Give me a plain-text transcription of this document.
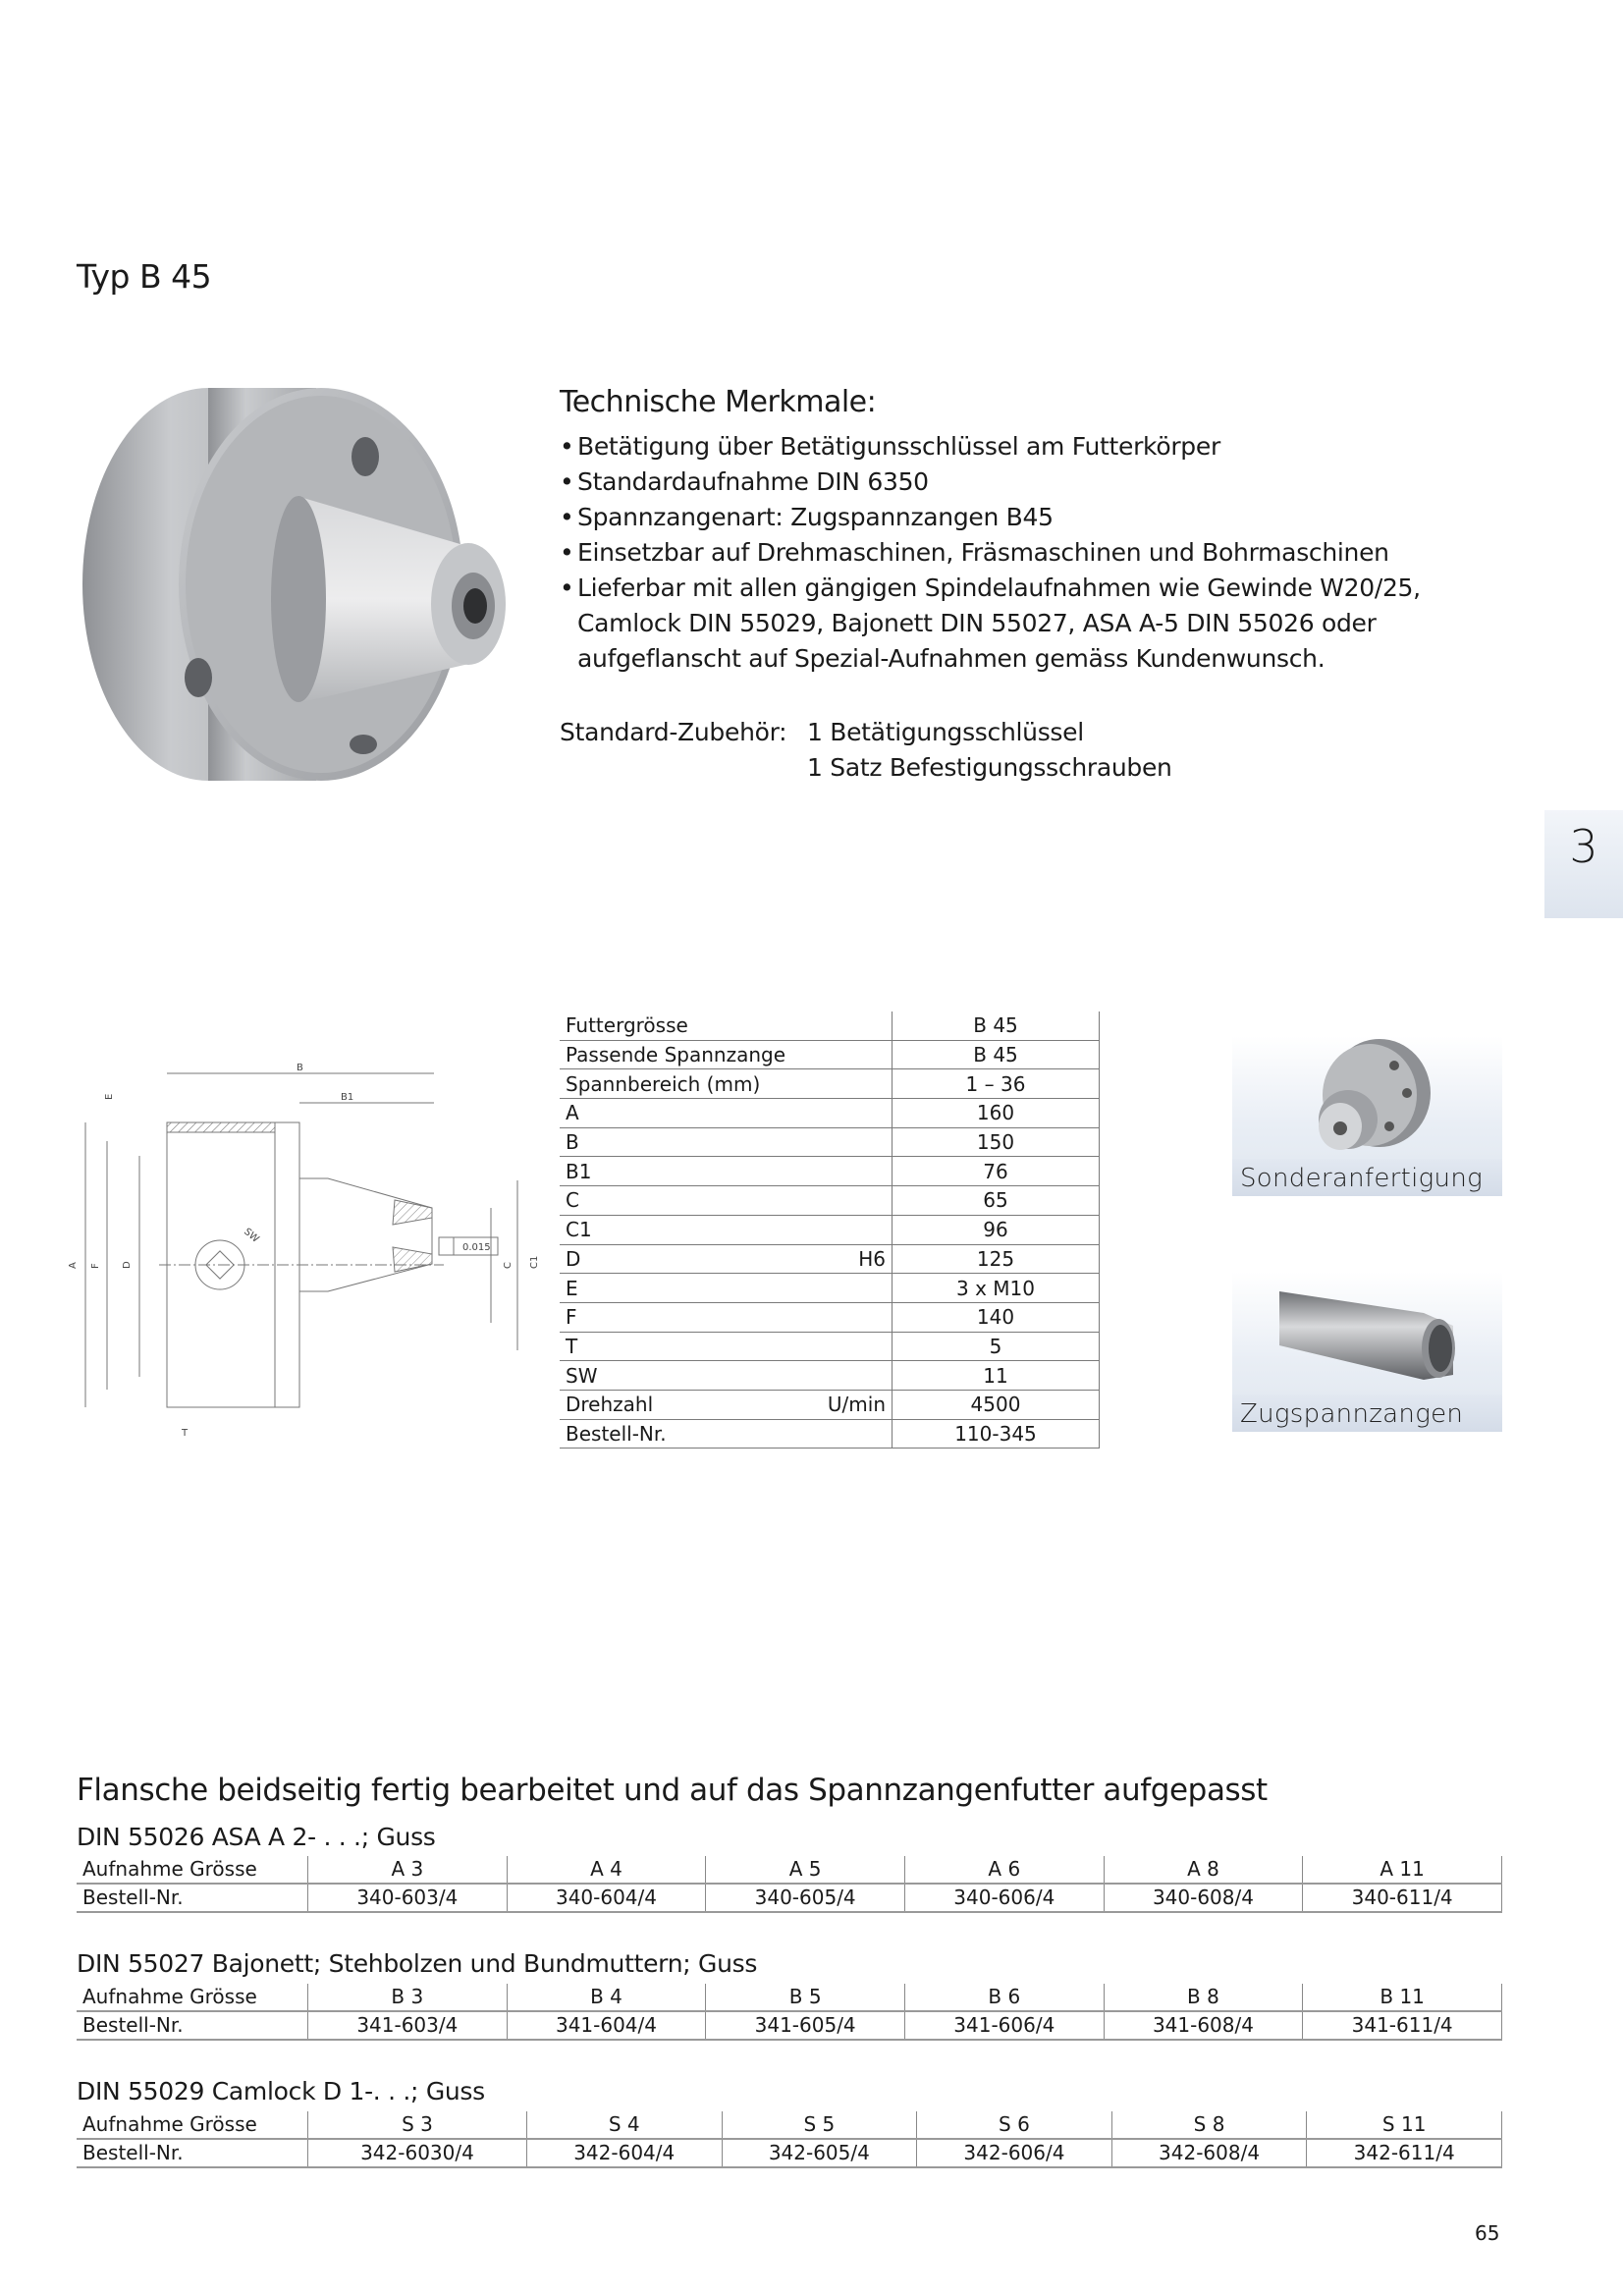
Typ B 45
Technische Merkmale:
• Betätigung über Betätigunsschlüssel am Futterkörper
• Standardaufnahme DIN 6350
• Spannzangenart: Zugspannzangen B45
• Einsetzbar auf Drehmaschinen, Fräsmaschinen und Bohrmaschinen
• Lieferbar mit allen gängigen Spindelaufnahmen wie Gewinde W20/25, Camlock DIN 55029, Bajonett DIN 55027, ASA A-5 DIN 55026 oder aufgeflanscht auf Spezial-Aufnahmen gemäss Kundenwunsch.
Standard-Zubehör: 1 Betätigungsschlüssel
1 Satz Befestigungsschrauben
3
B
B1
A F D
E
T
SW
0.015
C C1
Futtergrösse		B 45
Passende Spannzange		B 45
Spannbereich (mm)		1 – 36
A		160
B		150
B1		76
C		65
C1		96
D	H6	125
E		3 x M10
F		140
T		5
SW		11
Drehzahl	U/min	4500
Bestell-Nr.		110-345
Sonderanfertigung
Zugspannzangen
Flansche beidseitig fertig bearbeitet und auf das Spannzangenfutter aufgepasst
DIN 55026 ASA A 2- . . .; Guss
Aufnahme Grösse	A 3	A 4	A 5	A 6	A 8	A 11
Bestell-Nr.	340-603/4	340-604/4	340-605/4	340-606/4	340-608/4	340-611/4
DIN 55027 Bajonett; Stehbolzen und Bundmuttern; Guss
Aufnahme Grösse	B 3	B 4	B 5	B 6	B 8	B 11
Bestell-Nr.	341-603/4	341-604/4	341-605/4	341-606/4	341-608/4	341-611/4
DIN 55029 Camlock D 1-. . .; Guss
Aufnahme Grösse	S 3	S 4	S 5	S 6	S 8	S 11
Bestell-Nr.	342-6030/4	342-604/4	342-605/4	342-606/4	342-608/4	342-611/4
65
